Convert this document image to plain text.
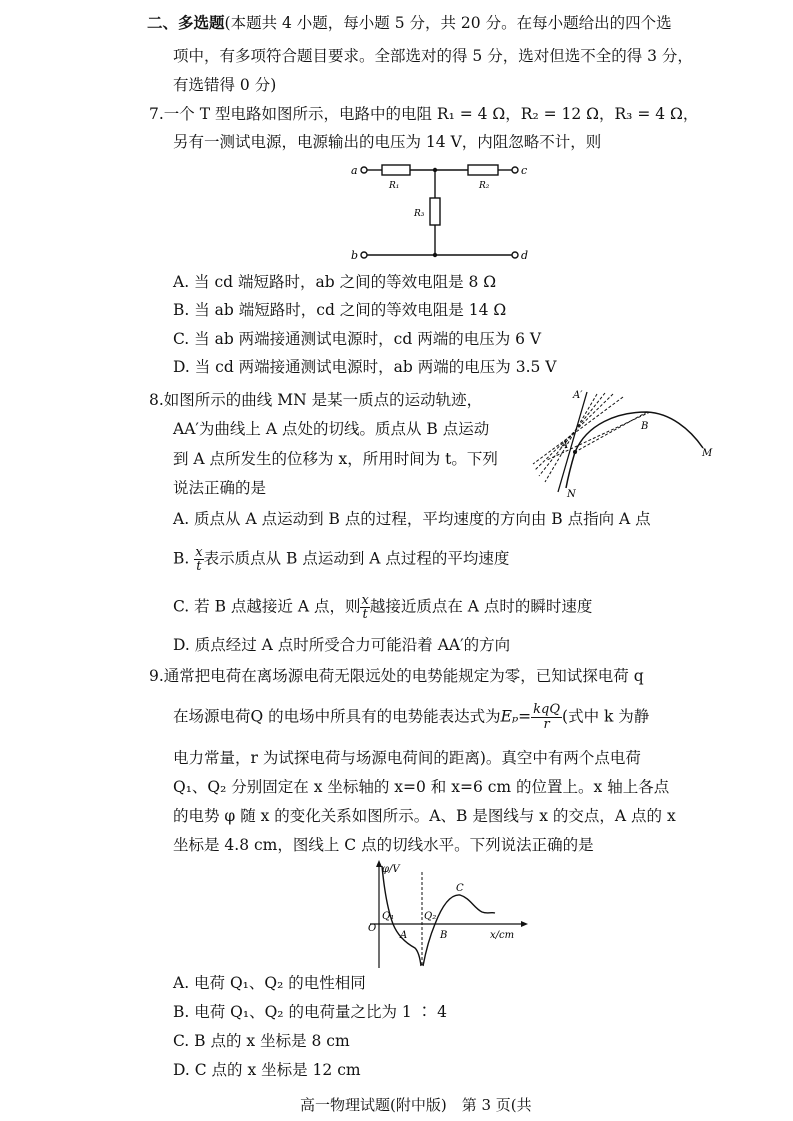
二、多选题(本题共 4 小题，每小题 5 分，共 20 分。在每小题给出的四个选
项中，有多项符合题目要求。全部选对的得 5 分，选对但选不全的得 3 分，
有选错得 0 分)
7.一个 T 型电路如图所示，电路中的电阻 R₁ = 4 Ω，R₂ = 12 Ω，R₃ = 4 Ω，
另有一测试电源，电源输出的电压为 14 V，内阻忽略不计，则
a
b
c
d
R₁	R₂
R₃
A. 当 cd 端短路时，ab 之间的等效电阻是 8 Ω
B. 当 ab 端短路时，cd 之间的等效电阻是 14 Ω
C. 当 ab 两端接通测试电源时，cd 两端的电压为 6 V
D. 当 cd 两端接通测试电源时，ab 两端的电压为 3.5 V
8.如图所示的曲线 MN 是某一质点的运动轨迹，
AA′为曲线上 A 点处的切线。质点从 B 点运动
到 A 点所发生的位移为 x，所用时间为 t。下列
说法正确的是
A′
A
B
M
N
A. 质点从 A 点运动到 B 点的过程，平均速度的方向由 B 点指向 A 点
B. $\frac{x}{t}$ 表示质点从 B 点运动到 A 点过程的平均速度
C. 若 B 点越接近 A 点，则 $\frac{x}{t}$ 越接近质点在 A 点时的瞬时速度
D. 质点经过 A 点时所受合力可能沿着 AA′的方向
9.通常把电荷在离场源电荷无限远处的电势能规定为零，已知试探电荷 q
在场源电荷Q 的电场中所具有的电势能表达式为Eₚ= kqQ
r (式中 k 为静
电力常量，r 为试探电荷与场源电荷间的距离)。真空中有两个点电荷
Q₁、Q₂ 分别固定在 x 坐标轴的 x=0 和 x=6 cm 的位置上。x 轴上各点
的电势 φ 随 x 的变化关系如图所示。A、B 是图线与 x 的交点，A 点的 x
坐标是 4.8 cm，图线上 C 点的切线水平。下列说法正确的是
φ/V
x/cm
O
Q₁	Q₂
A	B
C
A. 电荷 Q₁、Q₂ 的电性相同
B. 电荷 Q₁、Q₂ 的电荷量之比为 1 ∶ 4
C. B 点的 x 坐标是 8 cm
D. C 点的 x 坐标是 12 cm
高一物理试题(附中版)　第 3 页(共
